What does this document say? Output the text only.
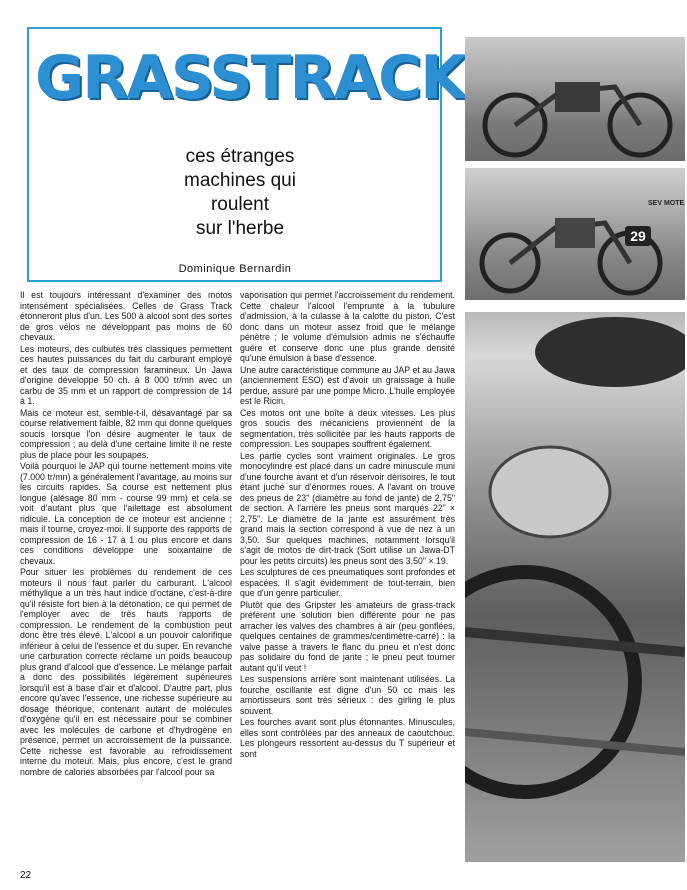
GRASSTRACK
ces étranges
machines qui
roulent
sur l'herbe
Dominique Bernardin

Il est toujours intéressant d'examiner des motos intensément spécialisées. Celles de Grass Track étonneront plus d'un. Les 500 à alcool sont des sortes de gros vélos ne développant pas moins de 60 chevaux.

Les moteurs, des culbutés très classiques permettent ces hautes puissances du fait du carburant employé et des taux de compression faramineux. Un Jawa d'origine développe 50 ch. à 8 000 tr/mn avec un carbu de 35 mm et un rapport de compression de 14 à 1.

Mais ce moteur est, semble-t-il, désavantagé par sa course relativement faible, 82 mm qui donne quelques soucis lorsque l'on désire augmenter le taux de compression ; au delà d'une certaine limite il ne reste plus de place pour les soupapes.

Voilà pourquoi le JAP qui tourne nettement moins vite (7.000 tr/mn) a généralement l'avantage, au moins sur les circuits rapides. Sa course est nettement plus longue (alésage 80 mm - course 99 mm) et cela se voit d'autant plus que l'ailettage est absolument ridicule. La conception de ce moteur est ancienne ; mais il tourne, croyez-moi. Il supporte des rapports de compression de 16 - 17 à 1 ou plus encore et dans ces conditions développe une soixantaine de chevaux.

Pour situer les problèmes du rendement de ces moteurs il nous faut parler du carburant. L'alcool méthylique a un très haut indice d'octane, c'est-à-dire qu'il résiste fort bien à la détonation, ce qui permet de l'employer avec de très hauts rapports de compression. Le rendement de la combustion peut donc être très élevé. L'alcool a un pouvoir calorifique inférieur à celui de l'essence et du super. En revanche une carburation correcte réclame un poids beaucoup plus grand d'alcool que d'essence. Le mélange parfait a donc des possibilités légèrement supérieures lorsqu'il est à base d'air et d'alcool. D'autre part, plus encore qu'avec l'essence, une richesse supérieure au dosage théorique, contenant autant de molécules d'oxygène qu'il en est nécessaire pour se combiner avec les molécules de carbone et d'hydrogène en présence, permet un accroissement de la puissance. Cette richesse est favorable au refroidissement interne du moteur. Mais, plus encore, c'est le grand nombre de calories absorbées par l'alcool pour sa

vaporisation qui permet l'accroissement du rendement. Cette chaleur l'alcool l'emprunte à la tubulure d'admission, à la culasse à la calotte du piston. C'est donc dans un moteur assez froid que le mélange pénètre ; le volume d'émulsion admis ne s'échauffe guère et conserve donc une plus grande densité qu'une émulsion à base d'essence.

Une autre caractéristique commune au JAP et au Jawa (anciennement ESO) est d'avoir un graissage à huile perdue, assuré par une pompe Micro. L'huile employée est le Ricin.

Ces motos ont une boîte à deux vitesses. Les plus gros soucis des mécaniciens proviennent de la segmentation, très sollicitée par les hauts rapports de compression. Les soupapes souffrent également.

Les partie cycles sont vraiment originales. Le gros monocylindre est placé dans un cadre minuscule muni d'une fourche avant et d'un réservoir dérisoires, le tout étant juché sur d'énormes roues. A l'avant on trouve des pneus de 23" (diamètre au fond de jante) de 2,75" de section. A l'arrière les pneus sont marqués 22" × 2,75". Le diamètre de la jante est assurément très grand mais la section correspond à vue de nez à un 3,50. Sur quelques machines, notamment lorsqu'il s'agit de motos de dirt-track (Sort utilise un Jawa-DT pour les petits circuits) les pneus sont des 3,50" × 19.

Les sculptures de ces pneumatiques sont profondes et espacées. Il s'agit évidemment de tout-terrain, bien que d'un genre particulier.

Plutôt que des Gripster les amateurs de grass-track préfèrent une solution bien différente pour ne pas arracher les valves des chambres à air (peu gonflées, quelques centaines de grammes/centimètre-carré) : la valve passe à travers le flanc du pneu et n'est donc pas solidaire du fond de jante ; le pneu peut tourner autant qu'il veut !

Les suspensions arrière sont maintenant utilisées. La fourche oscillante est digne d'un 50 cc mais les amortisseurs sont très sérieux : des girling le plus souvent.

Les fourches avant sont plus étonnantes. Minuscules, elles sont contrôlées par des anneaux de caoutchouc. Les plongeurs ressortent au-dessus du T supérieur et sont

29
SEV MOTE
22
